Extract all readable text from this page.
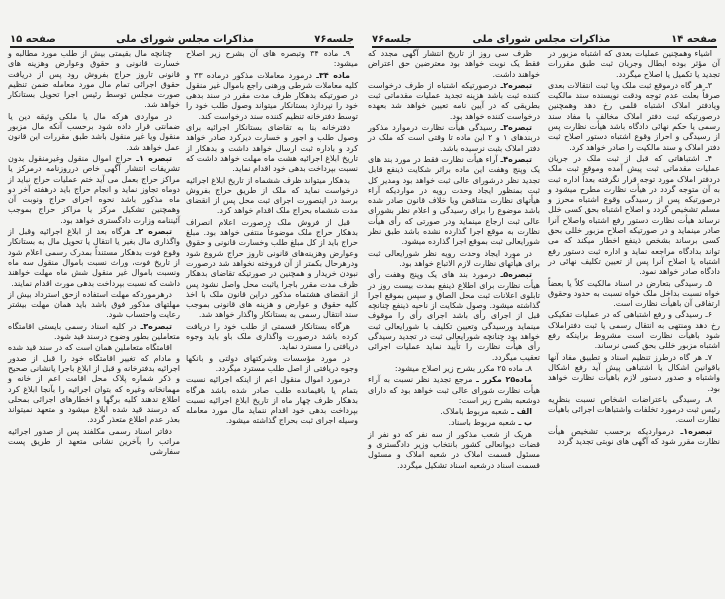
صفحه ۱۵	مذاکرات مجلس شورای ملی	جلسه۷۶

۹ـ ماده ۳۴ وتبصره های آن بشرح زیر اصلاح میشود:

ماده ۳۴ـ درمورد معاملات مذکور درماده ۳۳ و کلیه معاملات شرطی ورهنی راجع باموال غیر منقول در صورتیکه بدهکار ظرف مدت مقرر در سند بدهی خود را نپردازد بستانکار میتواند وصول طلب خود را توسط دفترخانه تنظیم کننده سند درخواست کند.

دفترخانه بنا به تقاضای بستانکار اجرائیه برای وصول طلب و اجور و خسارت دیرکرد صادر خواهد کرد و باداره ثبت ارسال خواهد داشت و بدهکار از تاریخ ابلاغ اجرائیه هشت ماه مهلت خواهد داشت که نسبت بپرداخت بدهی خود اقدام نماید.

بدهکار میتواند ظرف ششماه از تاریخ ابلاغ اجرائیه درخواست نماید که ملک از طریق حراج بفروش برسد در اینصورت اجرای ثبت محل پس از انقضای مدت ششماه بحراج ملک اقدام خواهد کرد.

قبل از فروش ملک درصورت اعلام انصراف بدهکار حراج ملک موضوعاً منتفی خواهد بود. مبلغ حراج باید از کل مبلغ طلب وخسارت قانونی و حقوق وعوارض وهزینه‌های قانونی تاروز حراج شروع شود ودرهرحال بکمتر از آن فروخته نخواهد شد درصورت نبودن خریدار و همچنین در صورتیکه تقاضای بدهکار ظرف مدت مقرر باجرا یاثبت محل واصل نشود پس از انقضای هشتماه مذکور دراین قانون ملک با اخذ کلیه حقوق و عوارض و هزینه های قانونی بموجب سند انتقال رسمی به بستانکار واگذار خواهد شد.

هرگاه بستانکار قسمتی از طلب خود را دریافت کرده باشد درصورت واگذاری ملک باو باید وجوه دریافتی را مسترد نماید.

در مورد مؤسسات وشرکتهای دولتی و بانکها وجوه دریافتی از اصل طلب مسترد میگردد.

درمورد اموال منقول اعم از اینکه اجرائیه نسبت بتمام یا باقیمانده طلب صادر شده باشد هرگاه بدهکار ظرف چهار ماه از تاریخ ابلاغ اجرائیه نسبت بپرداخت بدهی خود اقدام ننماید مال مورد معامله وسیله اجرای ثبت بحراج گذاشته میشود.

چنانچه مال بقیمتی بیش از طلب مورد مطالبه و خسارت قانونی و حقوق وعوارض وهزینه های قانونی تاروز حراج بفروش رود پس از دریافت حقوق اجرائی تمام مال مورد معامله ضمن تنظیم صورت مجلس توسط رئیس اجرا تحویل بستانکار خواهد شد.

در مواردی هرکه مال یا ملکی وثیقه دین یا ضمانتی قرار داده شود برحسب آنکه مال مزبور منقول ویا غیر منقول باشد طبق مقررات این قانون عمل خواهد شد.

تبصره ۱ـ حراج اموال منقول وغیرمنقول بدون تشریفات انتشار آگهی خاص درروزنامه درمرکز یا مراکز حراج بعمل می آید ختم عملیات حراج نباید از دوماه تجاوز نماید و انجام حراج باید درهفته آخر دو ماه مذکور باشد نحوه اجرای حراج ونوبت آن وهمچنین تشکیل مرکز یا مراکز حراج بموجب آئیننامه وزارت دادگستری خواهد بود.

تبصره ۲ـ هرگاه بعد از ابلاغ اجرائیه وقبل از واگذاری مال بغیر یا انتقال یا تحویل مال به بستانکار وقوع فوت بدهکار مستنداً بمدرک رسمی اعلام شود از تاریخ فوت، وراث نسبت باموال منقول سه ماه ونسبت باموال غیر منقول شش ماه مهلت خواهند داشت که نسبت بپرداخت بدهی مورث اقدام نمایند.

درهرموردکه مهلت استفاده ازحق استرداد بیش از مهلتهای مذکور فوق باشد باید همان مهلت بیشتر رعایت واحتساب شود.

تبصره۳ـ در کلیه اسناد رسمی بایستی اقامتگاه متعاملین بطور وضوح درسند قید شود.

اقامتگاه متعاملین همان است که در سند قید شده و مادام که تغییر اقامتگاه خود را قبل از صدور اجرائیه بدفترخانه و قبل از ابلاغ باجرا یانشانی صحیح و ذکر شماره پلاک محل اقامت اعم از خانه و مهمانخانه وغیره که بتوان اجرائیه را بآنجا ابلاغ کرد اطلاع ندهند کلیه برگها و اخطارهای اجرائی بمحلی که درسند قید شده ابلاغ میشود و متعهد نمیتواند بعذر عدم اطلاع متعذر گردد.

دفاتر اسناد رسمی مکلفند پس از صدور اجرائیه مراتب را بآخرین نشانی متعهد از طریق پست سفارشی

جلسه۷۶	مذاکرات مجلس شورای ملی	صفحه ۱۴

اشیاء وهمچنین عملیات بعدی که اشتباه مزبور در آن مؤثر بوده ابطال وجریان ثبت طبق مقررات تجدید یا تکمیل یا اصلاح میگردد.

۳ـ هر گاه درموقع ثبت ملک ویا ثبت انتقالات بعدی صرفاً بعلت عدم توجه ودقت نویسنده سند مالکیت ویادفتر املاک اشتباه قلمی رخ دهد وهمچنین درصورتیکه ثبت دفتر املاک مخالف با مفاد سند رسمی یا حکم نهائی دادگاه باشد هیأت نظارت پس از رسیدگی و احراز وقوع اشتباه دستور اصلاح ثبت دفتر املاک و سند مالکیت را صادر خواهد کرد.

۴ـ اشتباهاتی که قبل از ثبت ملک در جریان عملیات مقدماتی ثبت پیش آمده وموقع ثبت ملک دردفتر املاک مورد توجه قرار نگرفته بعداً اداره ثبت به آن متوجه گردد در هیأت نظارت مطرح میشود و درصورتیکه پس از رسیدگی وقوع اشتباه محرز و مسلم تشخیص گردد و اصلاح اشتباه بحق کسی خلل نرساند هیأت نظارت دستور رفع اشتباه واصلاح آنرا صادر مینماید و در صورتیکه اصلاح مزبور خللی بحق کسی برساند بشخص ذینفع اخطار میکند که می تواند بدادگاه مراجعه نماید و اداره ثبت دستور رفع اشتباه یا اصلاح آنرا پس از تعیین تکلیف نهائی در دادگاه صادر خواهد نمود.

۵ـ رسیدگی بتعارض در اسناد مالکیت کلاً یا بعضاً خواه نسبت بداخل ملک خواه نسبت به حدود وحقوق ارتفاقی آن باهیأت نظارت است.

۶ـ رسیدگی و رفع اشتباهی که در عملیات تفکیکی رخ دهد ومنتهی به انتقال رسمی یا ثبت دفتراملاک شود باهیأت نظارت است مشروط براینکه رفع اشتباه مزبور خللی بحق کسی نرساند.

۷ـ هر گاه درطرز تنظیم اسناد و تطبیق مفاد آنها باقوانین اشکال یا اشتباهی پیش آید رفع اشکال واشتباه و صدور دستور لازم باهیأت نظارت خواهد بود.

۸ـ رسیدگی باعتراضات اشخاص نسبت بنظریه رئیس ثبت درمورد تخلفات واشتباهات اجرائی باهیأت نظارت است.

تبصره۱ـ درمواردیکه برحسب تشخیص هیأت نظارت مقرر شود که آگهی های نوبتی تجدید گردد

ظرف سی روز از تاریخ انتشار آگهی مجدد که فقط یک نوبت خواهد بود معترضین حق اعتراض خواهند داشت.

تبصره۲ـ درصورتیکه اشتباه از طرف درخواست کننده ثبت باشد هزینه تجدید عملیات مقدماتی ثبت بطریقی که در آیین نامه تعیین خواهد شد بعهده درخواست کننده خواهد بود.

تبصره۳ـ رسیدگی هیأت نظارت درموارد مذکور دربندهای ۱ و ۲ این ماده تا وقتی است که ملک در دفتر املاک بثبت نرسیده باشد.

تبصره۴ـ آراء هیأت نظارت فقط در مورد بند های یک وپنج وهفت این ماده براثر شکایت ذینفع قابل تجدید نظر درشورای عالی ثبت خواهد بود ومدیر کل ثبت بمنظور ایجاد وحدت رویه در مواردیکه آراء هیأتهای نظارت متناقض ویا خلاف قانون صادر شده باشد موضوع را برای رسیدگی و اعلام نظر بشورای عالی ثبت ارجاع مینماید ودر صورتی که رأی هیأت نظارت به موقع اجرا گذارده نشده باشد طبق نظر شورایعالی ثبت بموقع اجرا گذارده میشود.

در مورد ایجاد وحدت رویه نظر شورایعالی ثبت برای هیأتهای نظارت لازم الاتباع خواهد بود.

تبصره۵ـ درمورد بند های یک وپنج وهفت رأی هیأت نظارت برای اطلاع ذینفع بمدت بیست روز در تابلوی اعلانات ثبت محل الصاق و سپس بموقع اجرا گذاشته میشود. وصول شکایت از ناحیه ذینفع چنانچه قبل از اجرای رأی باشد اجرای رأی را موقوف مینماید ورسیدگی وتعیین تکلیف با شورایعالی ثبت خواهد بود چنانچه شورایعالی ثبت در تجدید رسیدگی رأی هیأت نظارت را تأیید نماید عملیات اجرائی تعقیب میگردد.

۸ـ ماده ۲۵ مکرر بشرح زیر اصلاح میشود:

ماده۲۵ مکرر ـ مرجع تجدید نظر نسبت به آراء هیأت نظارت شورای عالی ثبت خواهد بود که دارای دوشعبه بشرح زیر است:

الف ـ شعبه مربوط باملاک.

ب ـ شعبه مربوط باسناد.

هریک از شعب مذکور از سه نفر که دو نفر از قضات دیوانعالی کشور بانتخاب وزیر دادگستری و مسئول قسمت املاک در شعبه املاک و مسئول قسمت اسناد درشعبه اسناد تشکیل میگردد.
